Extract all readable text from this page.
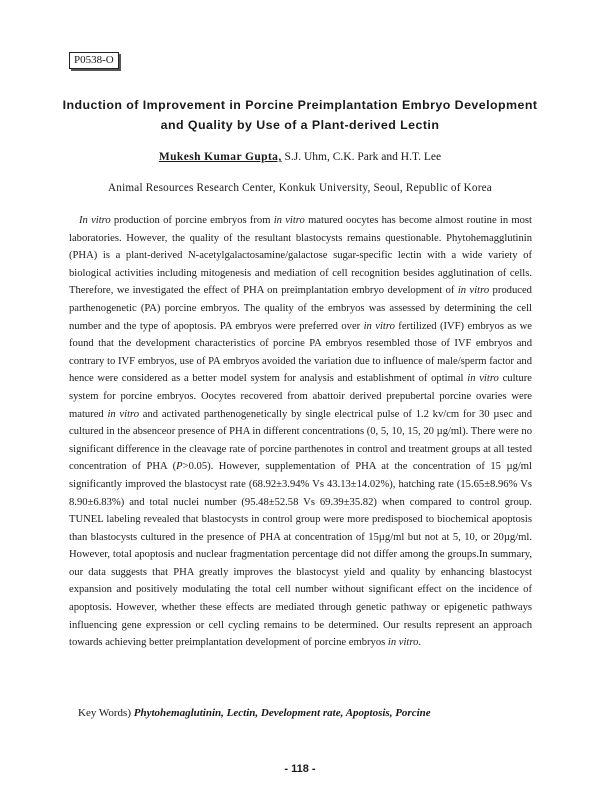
P0538-O
Induction of Improvement in Porcine Preimplantation Embryo Development and Quality by Use of a Plant-derived Lectin
Mukesh Kumar Gupta, S.J. Uhm, C.K. Park and H.T. Lee
Animal Resources Research Center, Konkuk University, Seoul, Republic of Korea

In vitro production of porcine embryos from in vitro matured oocytes has become almost routine in most laboratories. However, the quality of the resultant blastocysts remains questionable. Phytohemagglutinin (PHA) is a plant-derived N-acetylgalactosamine/galactose sugar-specific lectin with a wide variety of biological activities including mitogenesis and mediation of cell recognition besides agglutination of cells. Therefore, we investigated the effect of PHA on preimplantation embryo development of in vitro produced parthenogenetic (PA) porcine embryos. The quality of the embryos was assessed by determining the cell number and the type of apoptosis. PA embryos were preferred over in vitro fertilized (IVF) embryos as we found that the development characteristics of porcine PA embryos resembled those of IVF embryos and contrary to IVF embryos, use of PA embryos avoided the variation due to influence of male/sperm factor and hence were considered as a better model system for analysis and establishment of optimal in vitro culture system for porcine embryos. Oocytes recovered from abattoir derived prepubertal porcine ovaries were matured in vitro and activated parthenogenetically by single electrical pulse of 1.2 kv/cm for 30 µsec and cultured in the absenceor presence of PHA in different concentrations (0, 5, 10, 15, 20 µg/ml). There were no significant difference in the cleavage rate of porcine parthenotes in control and treatment groups at all tested concentration of PHA (P>0.05). However, supplementation of PHA at the concentration of 15 µg/ml significantly improved the blastocyst rate (68.92±3.94% Vs 43.13±14.02%), hatching rate (15.65±8.96% Vs 8.90±6.83%) and total nuclei number (95.48±52.58 Vs 69.39±35.82) when compared to control group. TUNEL labeling revealed that blastocysts in control group were more predisposed to biochemical apoptosis than blastocysts cultured in the presence of PHA at concentration of 15µg/ml but not at 5, 10, or 20µg/ml. However, total apoptosis and nuclear fragmentation percentage did not differ among the groups.In summary, our data suggests that PHA greatly improves the blastocyst yield and quality by enhancing blastocyst expansion and positively modulating the total cell number without significant effect on the incidence of apoptosis. However, whether these effects are mediated through genetic pathway or epigenetic pathways influencing gene expression or cell cycling remains to be determined. Our results represent an approach towards achieving better preimplantation development of porcine embryos in vitro.

Key Words) Phytohemaglutinin, Lectin, Development rate, Apoptosis, Porcine
- 118 -
